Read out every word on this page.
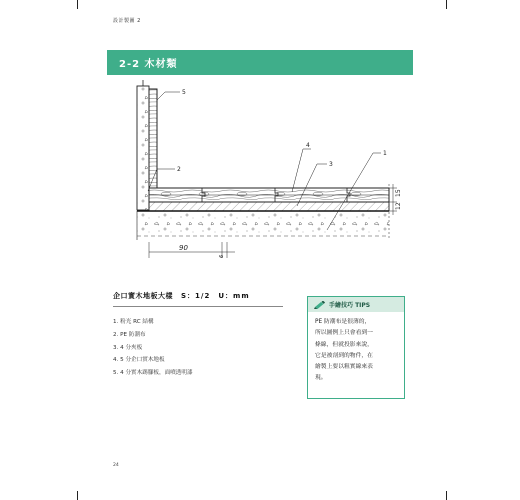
設計製圖 2
2-2 木材類
15
12
90
6
5
2
4
3
1
企口實木地板大樣 S：1/2　U：mm
1. 粉光 RC 結構
2. PE 防潮布
3. 4 分夾板
4. 5 分企口實木地板
5. 4 分實木踢腳板，面噴透明漆
手繪技巧 TIPS
PE 防潮布是很薄的，
所以圖例上只會看到一
條線，但就投影來說，
它是被剖到的物件，在
繪製上要以粗實線來表
現。
24
